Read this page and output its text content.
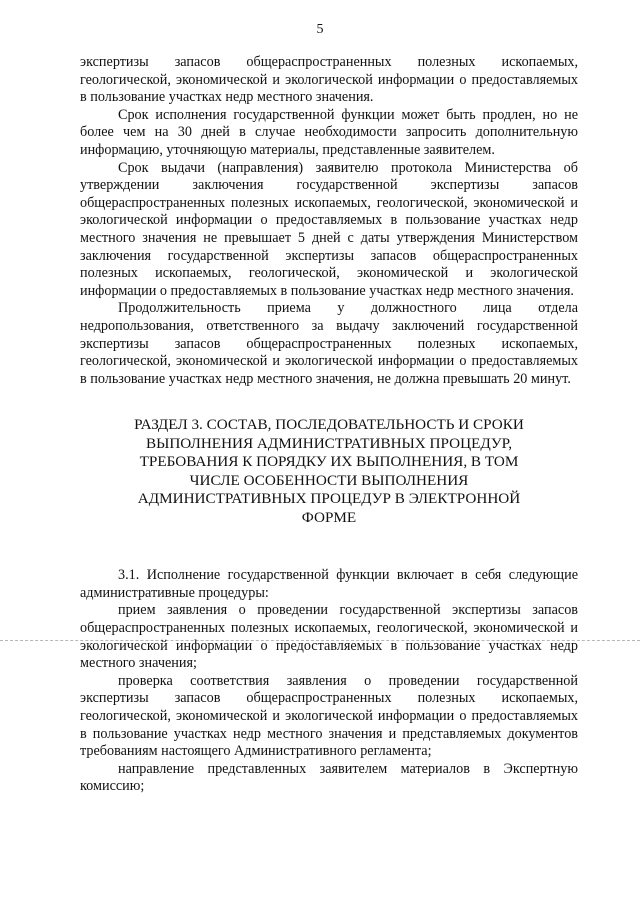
5

экспертизы запасов общераспространенных полезных ископаемых, геологической, экономической и экологической информации о предоставляемых в пользование участках недр местного значения.

Срок исполнения государственной функции может быть продлен, но не более чем на 30 дней в случае необходимости запросить дополнительную информацию, уточняющую материалы, представленные заявителем.

Срок выдачи (направления) заявителю протокола Министерства об утверждении заключения государственной экспертизы запасов общераспространенных полезных ископаемых, геологической, экономической и экологической информации о предоставляемых в пользование участках недр местного значения не превышает 5 дней с даты утверждения Министерством заключения государственной экспертизы запасов общераспространенных полезных ископаемых, геологической, экономической и экологической информации о предоставляемых в пользование участках недр местного значения.

Продолжительность приема у должностного лица отдела недропользования, ответственного за выдачу заключений государственной экспертизы запасов общераспространенных полезных ископаемых, геологической, экономической и экологической информации о предоставляемых в пользование участках недр местного значения, не должна превышать 20 минут.

РАЗДЕЛ 3. СОСТАВ, ПОСЛЕДОВАТЕЛЬНОСТЬ И СРОКИ ВЫПОЛНЕНИЯ АДМИНИСТРАТИВНЫХ ПРОЦЕДУР, ТРЕБОВАНИЯ К ПОРЯДКУ ИХ ВЫПОЛНЕНИЯ, В ТОМ ЧИСЛЕ ОСОБЕННОСТИ ВЫПОЛНЕНИЯ АДМИНИСТРАТИВНЫХ ПРОЦЕДУР В ЭЛЕКТРОННОЙ ФОРМЕ

3.1. Исполнение государственной функции включает в себя следующие административные процедуры:

прием заявления о проведении государственной экспертизы запасов общераспространенных полезных ископаемых, геологической, экономической и экологической информации о предоставляемых в пользование участках недр местного значения;

проверка соответствия заявления о проведении государственной экспертизы запасов общераспространенных полезных ископаемых, геологической, экономической и экологической информации о предоставляемых в пользование участках недр местного значения и представляемых документов требованиям настоящего Административного регламента;

направление представленных заявителем материалов в Экспертную комиссию;
